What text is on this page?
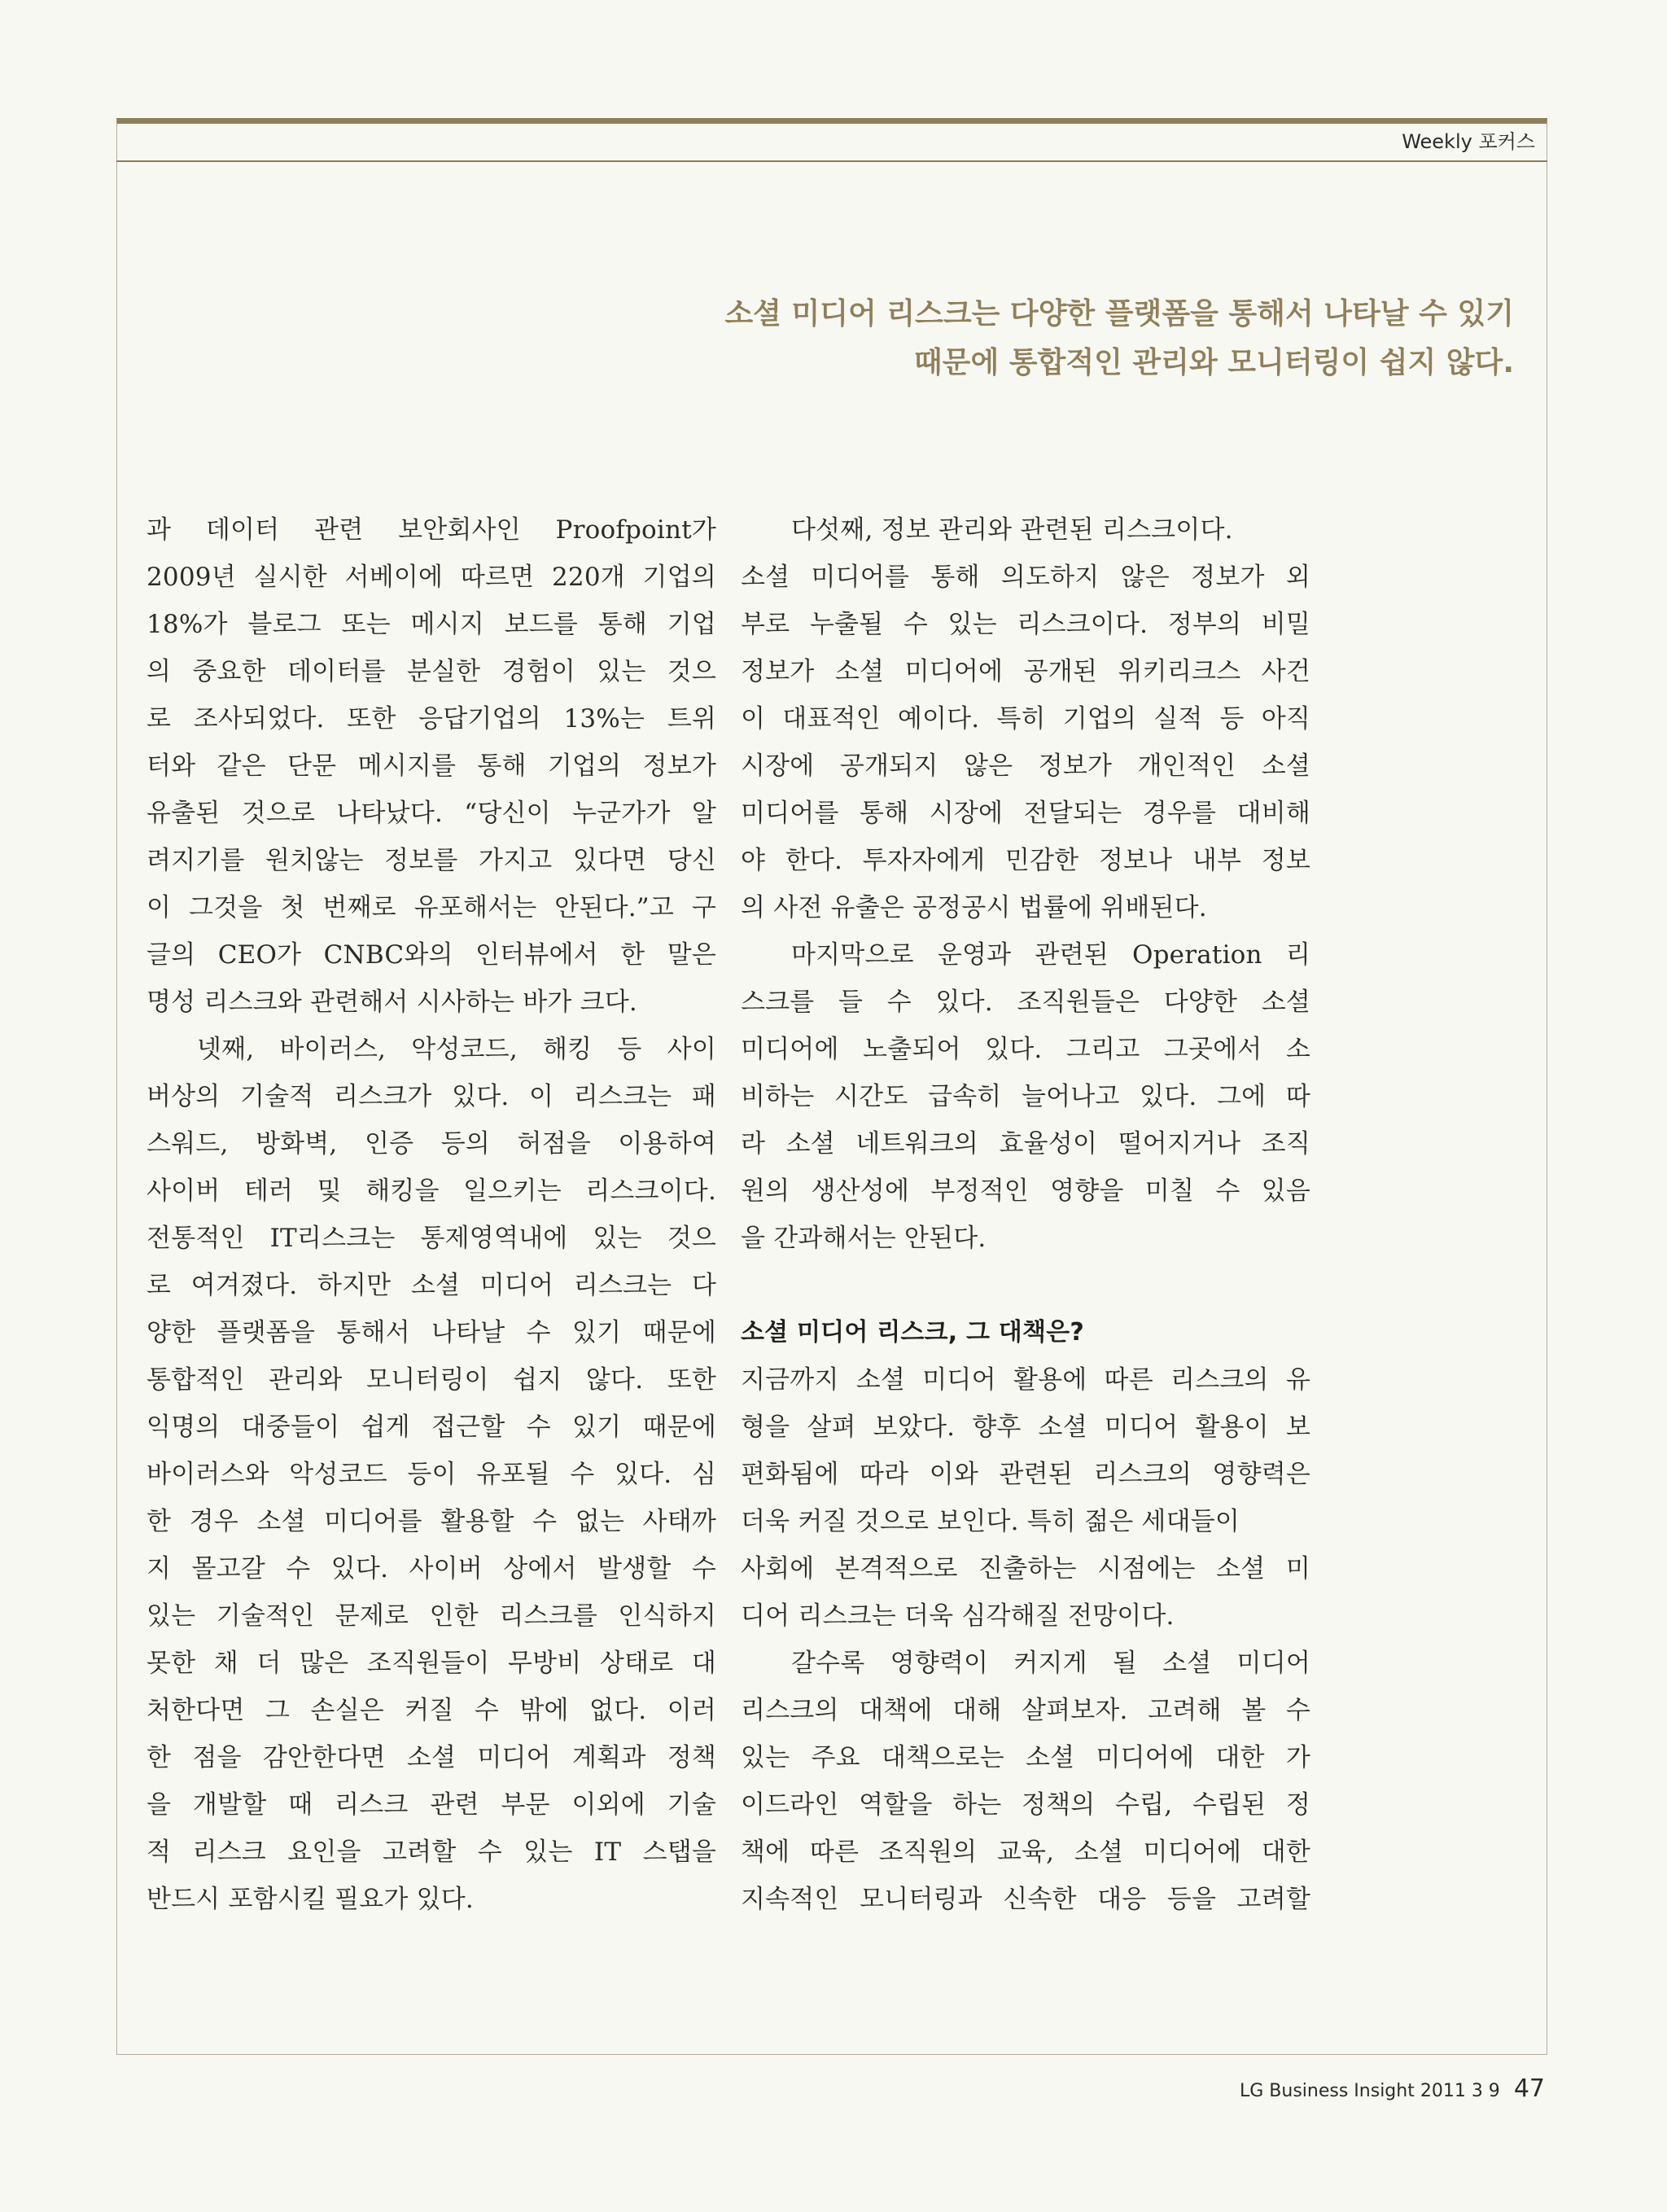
Weekly 포커스
소셜 미디어 리스크는 다양한 플랫폼을 통해서 나타날 수 있기
때문에 통합적인 관리와 모니터링이 쉽지 않다.
과 데이터 관련 보안회사인 Proofpoint가
2009년 실시한 서베이에 따르면 220개 기업의
18%가 블로그 또는 메시지 보드를 통해 기업
의 중요한 데이터를 분실한 경험이 있는 것으
로 조사되었다. 또한 응답기업의 13%는 트위
터와 같은 단문 메시지를 통해 기업의 정보가
유출된 것으로 나타났다. “당신이 누군가가 알
려지기를 원치않는 정보를 가지고 있다면 당신
이 그것을 첫 번째로 유포해서는 안된다.”고 구
글의 CEO가 CNBC와의 인터뷰에서 한 말은
명성 리스크와 관련해서 시사하는 바가 크다.
넷째, 바이러스, 악성코드, 해킹 등 사이
버상의 기술적 리스크가 있다. 이 리스크는 패
스워드, 방화벽, 인증 등의 허점을 이용하여
사이버 테러 및 해킹을 일으키는 리스크이다.
전통적인 IT리스크는 통제영역내에 있는 것으
로 여겨졌다. 하지만 소셜 미디어 리스크는 다
양한 플랫폼을 통해서 나타날 수 있기 때문에
통합적인 관리와 모니터링이 쉽지 않다. 또한
익명의 대중들이 쉽게 접근할 수 있기 때문에
바이러스와 악성코드 등이 유포될 수 있다. 심
한 경우 소셜 미디어를 활용할 수 없는 사태까
지 몰고갈 수 있다. 사이버 상에서 발생할 수
있는 기술적인 문제로 인한 리스크를 인식하지
못한 채 더 많은 조직원들이 무방비 상태로 대
처한다면 그 손실은 커질 수 밖에 없다. 이러
한 점을 감안한다면 소셜 미디어 계획과 정책
을 개발할 때 리스크 관련 부문 이외에 기술
적 리스크 요인을 고려할 수 있는 IT 스탭을
반드시 포함시킬 필요가 있다.
다섯째, 정보 관리와 관련된 리스크이다.
소셜 미디어를 통해 의도하지 않은 정보가 외
부로 누출될 수 있는 리스크이다. 정부의 비밀
정보가 소셜 미디어에 공개된 위키리크스 사건
이 대표적인 예이다. 특히 기업의 실적 등 아직
시장에 공개되지 않은 정보가 개인적인 소셜
미디어를 통해 시장에 전달되는 경우를 대비해
야 한다. 투자자에게 민감한 정보나 내부 정보
의 사전 유출은 공정공시 법률에 위배된다.
마지막으로 운영과 관련된 Operation 리
스크를 들 수 있다. 조직원들은 다양한 소셜
미디어에 노출되어 있다. 그리고 그곳에서 소
비하는 시간도 급속히 늘어나고 있다. 그에 따
라 소셜 네트워크의 효율성이 떨어지거나 조직
원의 생산성에 부정적인 영향을 미칠 수 있음
을 간과해서는 안된다.
소셜 미디어 리스크, 그 대책은?
지금까지 소셜 미디어 활용에 따른 리스크의 유
형을 살펴 보았다. 향후 소셜 미디어 활용이 보
편화됨에 따라 이와 관련된 리스크의 영향력은
더욱 커질 것으로 보인다. 특히 젊은 세대들이
사회에 본격적으로 진출하는 시점에는 소셜 미
디어 리스크는 더욱 심각해질 전망이다.
갈수록 영향력이 커지게 될 소셜 미디어
리스크의 대책에 대해 살펴보자. 고려해 볼 수
있는 주요 대책으로는 소셜 미디어에 대한 가
이드라인 역할을 하는 정책의 수립, 수립된 정
책에 따른 조직원의 교육, 소셜 미디어에 대한
지속적인 모니터링과 신속한 대응 등을 고려할
LG Business Insight 2011 3 9 47
